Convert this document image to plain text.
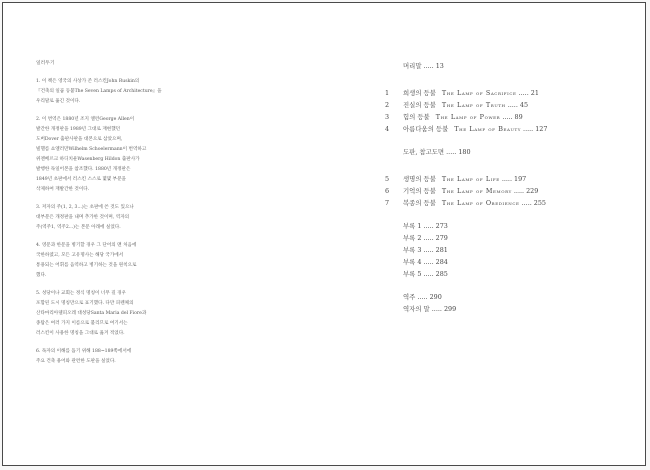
일러두기
1. 이 책은 영국의 사상가 존 러스킨John Ruskin의
『건축의 일곱 등불The Seven Lamps of Architecture』을
우리말로 옮긴 것이다.
2. 이 번역은 1880년 조지 앨런George Allen이
발간한 개정판을 1989년 그대로 재현했던
도버Dover 출판사판을 대본으로 삼았으며,
빌헬름 쇼엘러만Wilhelm Schoelermann이 번역하고
위젠베르크 하디치운Wasenberg Hildon 출판사가
발행한 독일어본을 참조했다. 1880년 개정판은
1849년 초판에서 러스킨 스스로 몇몇 부분을
삭제하여 재발간한 것이다.
3. 저자의 주(1, 2, 3...)는 초판에 쓴 것도 있으나
대부분은 개정판을 내며 추가한 것이며, 역자의
주(역주1, 역주2...)는 본문 아래에 실었다.
4. 영문과 한문을 병기할 경우 그 단어의 맨 처음에
국한하였고, 모든 고유명사는 해당 국가에서
통용되는 어휘를 음역하고 병기하는 것을 원칙으로
했다.
5. 성당이나 교회는 정식 명칭이 너무 길 경우
포함된 도시 명칭만으로 표기했다. 다만 피렌체의
산타마리아델피오레 대성당Santa Maria del Fiore과
종탑은 여러 가지 이름으로 불리므로 여기서는
러스킨이 사용한 명칭을 그대로 옮겨 적었다.
6. 독자의 이해를 돕기 위해 188~189쪽에서에
주요 건축 용어와 관련한 도판을 실었다.
머리말 ..... 13
1	희생의 등불 The Lamp of Sacrifice ..... 21
2	진실의 등불 The Lamp of Truth ..... 45
3	힘의 등불 The Lamp of Power ..... 89
4	아름다움의 등불 The Lamp of Beauty ..... 127
도판, 참고도면 ..... 180
5	생명의 등불 The Lamp of Life ..... 197
6	기억의 등불 The Lamp of Memory ..... 229
7	복종의 등불 The Lamp of Obedience ..... 255
부록 1 ..... 273
부록 2 ..... 279
부록 3 ..... 281
부록 4 ..... 284
부록 5 ..... 285
역주 ..... 290
역자의 말 ..... 299
